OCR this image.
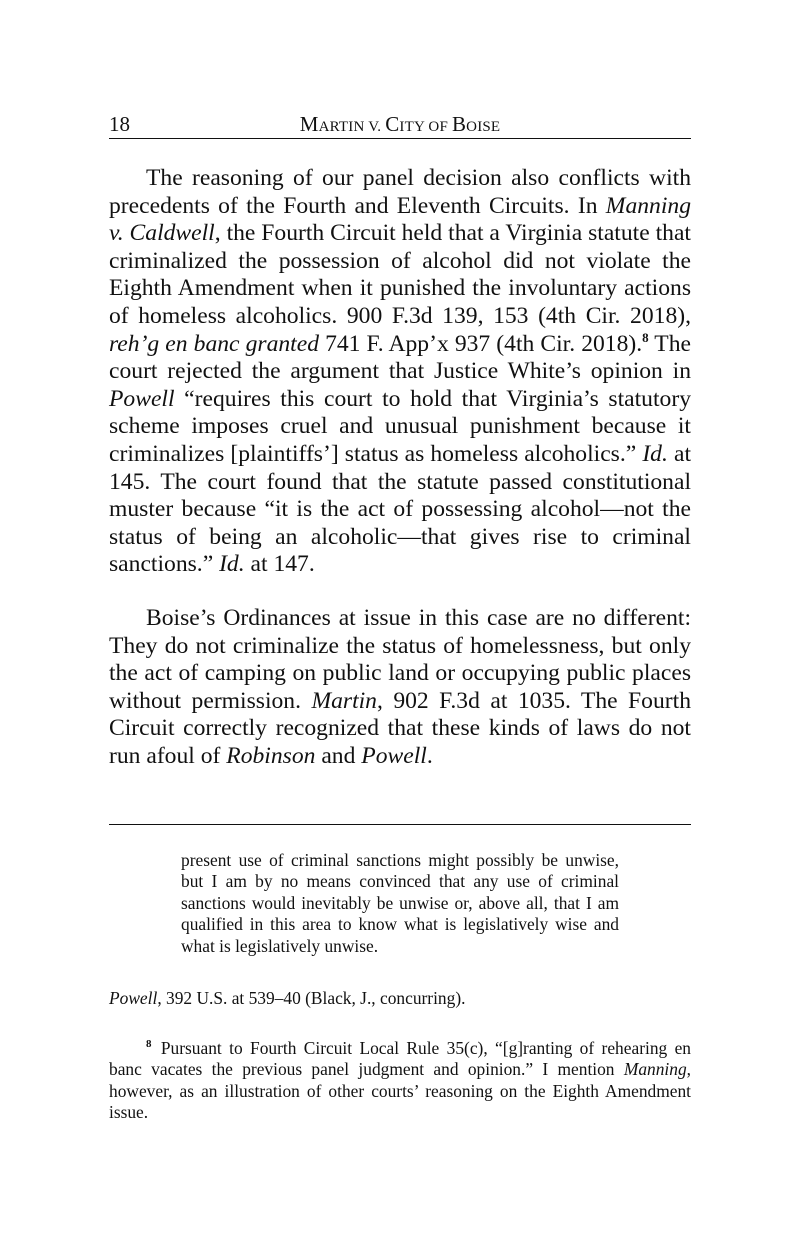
18	MARTIN V. CITY OF BOISE

The reasoning of our panel decision also conflicts with precedents of the Fourth and Eleventh Circuits. In Manning v. Caldwell, the Fourth Circuit held that a Virginia statute that criminalized the possession of alcohol did not violate the Eighth Amendment when it punished the involuntary actions of homeless alcoholics. 900 F.3d 139, 153 (4th Cir. 2018), reh’g en banc granted 741 F. App’x 937 (4th Cir. 2018).$^8$ The court rejected the argument that Justice White’s opinion in Powell “requires this court to hold that Virginia’s statutory scheme imposes cruel and unusual punishment because it criminalizes [plaintiffs’] status as homeless alcoholics.” Id. at 145. The court found that the statute passed constitutional muster because “it is the act of possessing alcohol—not the status of being an alcoholic—that gives rise to criminal sanctions.” Id. at 147.

Boise’s Ordinances at issue in this case are no different: They do not criminalize the status of homelessness, but only the act of camping on public land or occupying public places without permission. Martin, 902 F.3d at 1035. The Fourth Circuit correctly recognized that these kinds of laws do not run afoul of Robinson and Powell.

present use of criminal sanctions might possibly be unwise, but I am by no means convinced that any use of criminal sanctions would inevitably be unwise or, above all, that I am qualified in this area to know what is legislatively wise and what is legislatively unwise.

Powell, 392 U.S. at 539–40 (Black, J., concurring).

$^8$ Pursuant to Fourth Circuit Local Rule 35(c), “[g]ranting of rehearing en banc vacates the previous panel judgment and opinion.” I mention Manning, however, as an illustration of other courts’ reasoning on the Eighth Amendment issue.
